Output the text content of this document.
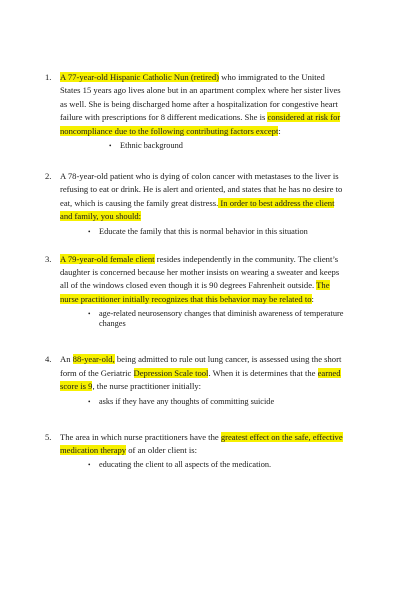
1. A 77-year-old Hispanic Catholic Nun (retired) who immigrated to the United States 15 years ago lives alone but in an apartment complex where her sister lives as well. She is being discharged home after a hospitalization for congestive heart failure with prescriptions for 8 different medications. She is considered at risk for noncompliance due to the following contributing factors except:
• Ethnic background
2. A 78-year-old patient who is dying of colon cancer with metastases to the liver is refusing to eat or drink. He is alert and oriented, and states that he has no desire to eat, which is causing the family great distress. In order to best address the client and family, you should:
• Educate the family that this is normal behavior in this situation
3. A 79-year-old female client resides independently in the community. The client’s daughter is concerned because her mother insists on wearing a sweater and keeps all of the windows closed even though it is 90 degrees Fahrenheit outside. The nurse practitioner initially recognizes that this behavior may be related to:
• age-related neurosensory changes that diminish awareness of temperature changes
4. An 88-year-old, being admitted to rule out lung cancer, is assessed using the short form of the Geriatric Depression Scale tool. When it is determines that the earned score is 9, the nurse practitioner initially:
• asks if they have any thoughts of committing suicide
5. The area in which nurse practitioners have the greatest effect on the safe, effective medication therapy of an older client is:
• educating the client to all aspects of the medication.
